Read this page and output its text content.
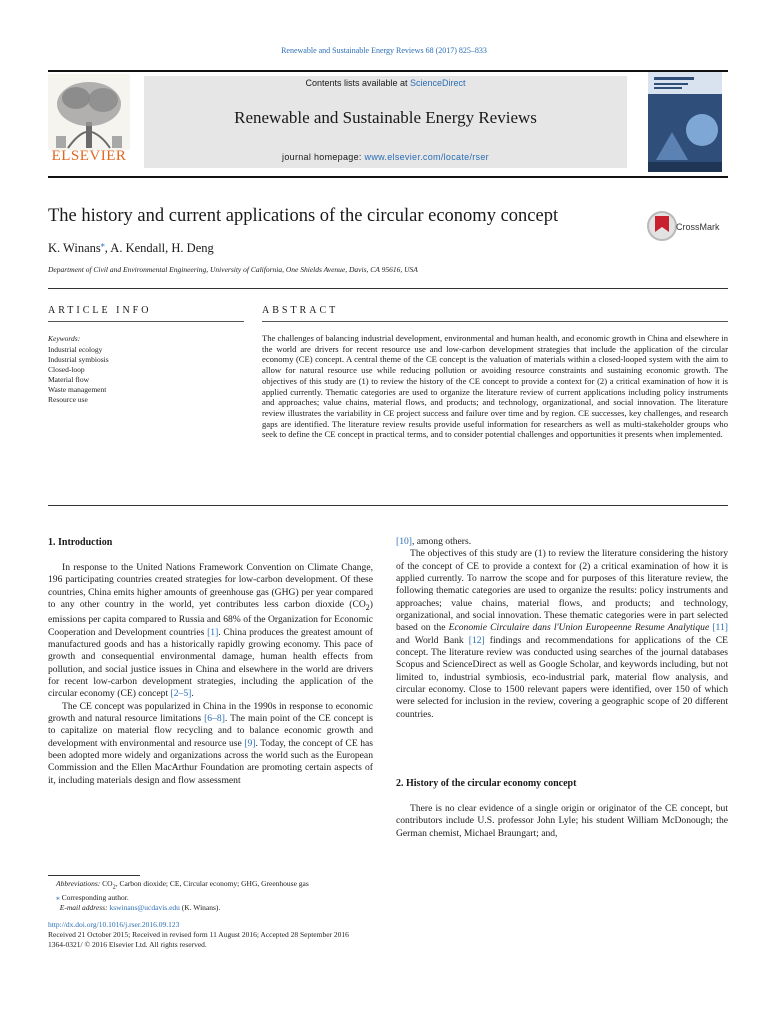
Renewable and Sustainable Energy Reviews 68 (2017) 825–833
ELSEVIER
Contents lists available at ScienceDirect
Renewable and Sustainable Energy Reviews
journal homepage: www.elsevier.com/locate/rser
The history and current applications of the circular economy concept
CrossMark
K. Winans⁎, A. Kendall, H. Deng
Department of Civil and Environmental Engineering, University of California, One Shields Avenue, Davis, CA 95616, USA
ARTICLE INFO	ABSTRACT
Keywords:
Industrial ecology
Industrial symbiosis
Closed-loop
Material flow
Waste management
Resource use
The challenges of balancing industrial development, environmental and human health, and economic growth in China and elsewhere in the world are drivers for recent resource use and low-carbon development strategies that include the application of the circular economy (CE) concept. A central theme of the CE concept is the valuation of materials within a closed-looped system with the aim to allow for natural resource use while reducing pollution or avoiding resource constraints and sustaining economic growth. The objectives of this study are (1) to review the history of the CE concept to provide a context for (2) a critical examination of how it is applied currently. Thematic categories are used to organize the literature review of current applications including policy instruments and approaches; value chains, material flows, and products; and technology, organizational, and social innovation. The literature review illustrates the variability in CE project success and failure over time and by region. CE successes, key challenges, and research gaps are identified. The literature review results provide useful information for researchers as well as multi-stakeholder groups who seek to define the CE concept in practical terms, and to consider potential challenges and opportunities it presents when implemented.
1. Introduction

In response to the United Nations Framework Convention on Climate Change, 196 participating countries created strategies for low-carbon development. Of these countries, China emits higher amounts of greenhouse gas (GHG) per year compared to any other country in the world, yet contributes less carbon dioxide $(CO_2)$ emissions per capita compared to Russia and 68% of the Organization for Economic Cooperation and Development countries [1]. China produces the greatest amount of manufactured goods and has a historically rapidly growing economy. This pace of growth and consequential environmental damage, human health effects from pollution, and social justice issues in China and elsewhere in the world are drivers for recent low-carbon development strategies, including the application of the circular economy (CE) concept [2–5].

The CE concept was popularized in China in the 1990s in response to economic growth and natural resource limitations [6–8]. The main point of the CE concept is to capitalize on material flow recycling and to balance economic growth and development with environmental and resource use [9]. Today, the concept of CE has been adopted more widely and organizations across the world such as the European Commission and the Ellen MacArthur Foundation are promoting certain aspects of it, including materials design and flow assessment

[10], among others.

The objectives of this study are (1) to review the literature considering the history of the concept of CE to provide a context for (2) a critical examination of how it is applied currently. To narrow the scope and for purposes of this literature review, the following thematic categories are used to organize the results: policy instruments and approaches; value chains, material flows, and products; and technology, organizational, and social innovation. These thematic categories were in part selected based on the Economie Circulaire dans l'Union Europeenne Resume Analytique [11] and World Bank [12] findings and recommendations for applications of the CE concept. The literature review was conducted using searches of the journal databases Scopus and ScienceDirect as well as Google Scholar, and keywords including, but not limited to, industrial symbiosis, eco-industrial park, material flow analysis, and circular economy. Close to 1500 relevant papers were identified, over 150 of which were selected for inclusion in the review, covering a geographic scope of 20 different countries.

2. History of the circular economy concept

There is no clear evidence of a single origin or originator of the CE concept, but contributors include U.S. professor John Lyle; his student William McDonough; the German chemist, Michael Braungart; and,

Abbreviations: $CO_2$, Carbon dioxide; CE, Circular economy; GHG, Greenhouse gas
⁎ Corresponding author.
E-mail address: kswinans@ucdavis.edu (K. Winans).
http://dx.doi.org/10.1016/j.rser.2016.09.123
Received 21 October 2015; Received in revised form 11 August 2016; Accepted 28 September 2016
1364-0321/ © 2016 Elsevier Ltd. All rights reserved.
